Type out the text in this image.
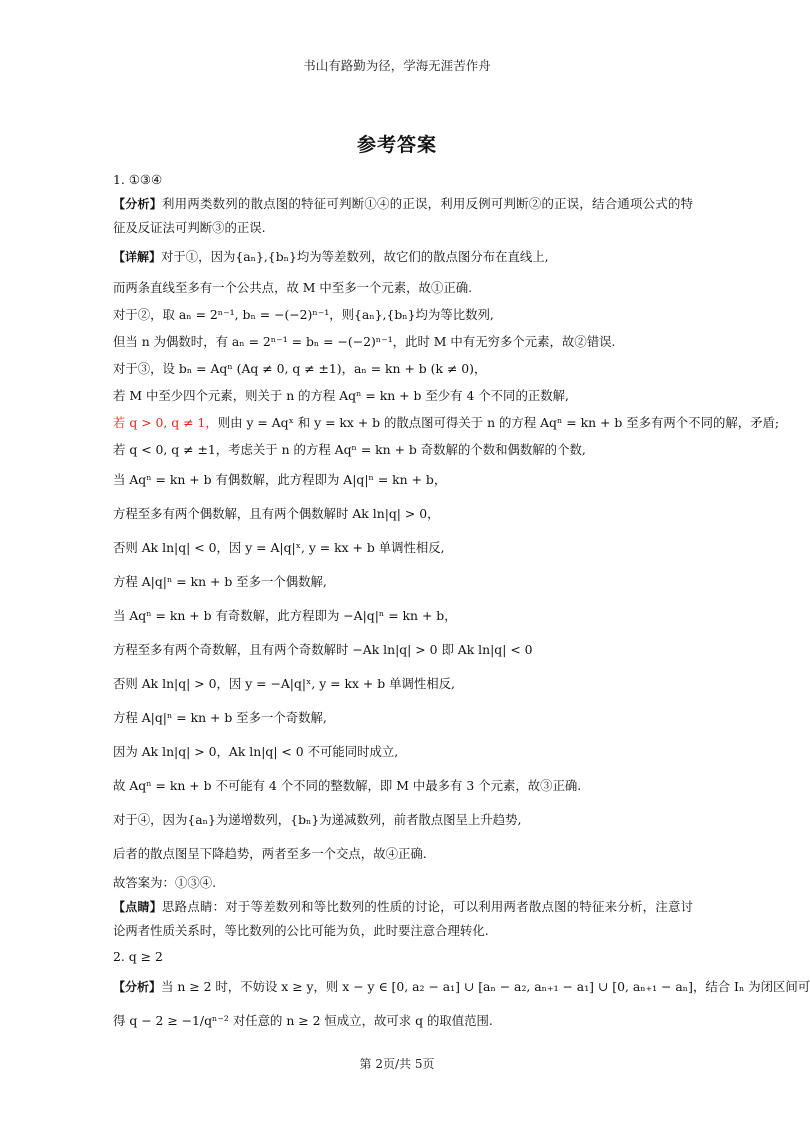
书山有路勤为径，学海无涯苦作舟
参考答案
1. ①③④
【分析】利用两类数列的散点图的特征可判断①④的正误，利用反例可判断②的正误，结合通项公式的特征及反证法可判断③的正误.
【详解】对于①，因为{aₙ},{bₙ}均为等差数列，故它们的散点图分布在直线上,
而两条直线至多有一个公共点，故 M 中至多一个元素，故①正确.
对于②，取 aₙ = 2ⁿ⁻¹, bₙ = −(−2)ⁿ⁻¹，则{aₙ},{bₙ}均为等比数列,
但当 n 为偶数时，有 aₙ = 2ⁿ⁻¹ = bₙ = −(−2)ⁿ⁻¹，此时 M 中有无穷多个元素，故②错误.
对于③，设 bₙ = Aqⁿ (Aq ≠ 0, q ≠ ±1)，aₙ = kn + b (k ≠ 0)，
若 M 中至少四个元素，则关于 n 的方程 Aqⁿ = kn + b 至少有 4 个不同的正数解,
若 q > 0, q ≠ 1，则由 y = Aqˣ 和 y = kx + b 的散点图可得关于 n 的方程 Aqⁿ = kn + b 至多有两个不同的解，矛盾;
若 q < 0, q ≠ ±1，考虑关于 n 的方程 Aqⁿ = kn + b 奇数解的个数和偶数解的个数,
当 Aqⁿ = kn + b 有偶数解，此方程即为 A|q|ⁿ = kn + b，
方程至多有两个偶数解，且有两个偶数解时 Ak ln|q| > 0，
否则 Ak ln|q| < 0，因 y = A|q|ˣ, y = kx + b 单调性相反,
方程 A|q|ⁿ = kn + b 至多一个偶数解,
当 Aqⁿ = kn + b 有奇数解，此方程即为 −A|q|ⁿ = kn + b，
方程至多有两个奇数解，且有两个奇数解时 −Ak ln|q| > 0 即 Ak ln|q| < 0
否则 Ak ln|q| > 0，因 y = −A|q|ˣ, y = kx + b 单调性相反,
方程 A|q|ⁿ = kn + b 至多一个奇数解,
因为 Ak ln|q| > 0，Ak ln|q| < 0 不可能同时成立,
故 Aqⁿ = kn + b 不可能有 4 个不同的整数解，即 M 中最多有 3 个元素，故③正确.
对于④，因为{aₙ}为递增数列，{bₙ}为递减数列，前者散点图呈上升趋势,
后者的散点图呈下降趋势，两者至多一个交点，故④正确.
故答案为：①③④.
【点睛】思路点睛：对于等差数列和等比数列的性质的讨论，可以利用两者散点图的特征来分析，注意讨论两者性质关系时，等比数列的公比可能为负，此时要注意合理转化.
2. q ≥ 2
【分析】当 n ≥ 2 时，不妨设 x ≥ y，则 x − y ∈ [0, a₂ − a₁] ∪ [aₙ − a₂, aₙ₊₁ − a₁] ∪ [0, aₙ₊₁ − aₙ]，结合 Iₙ 为闭区间可
得 q − 2 ≥ −1/qⁿ⁻² 对任意的 n ≥ 2 恒成立，故可求 q 的取值范围.
第 2页/共 5页
